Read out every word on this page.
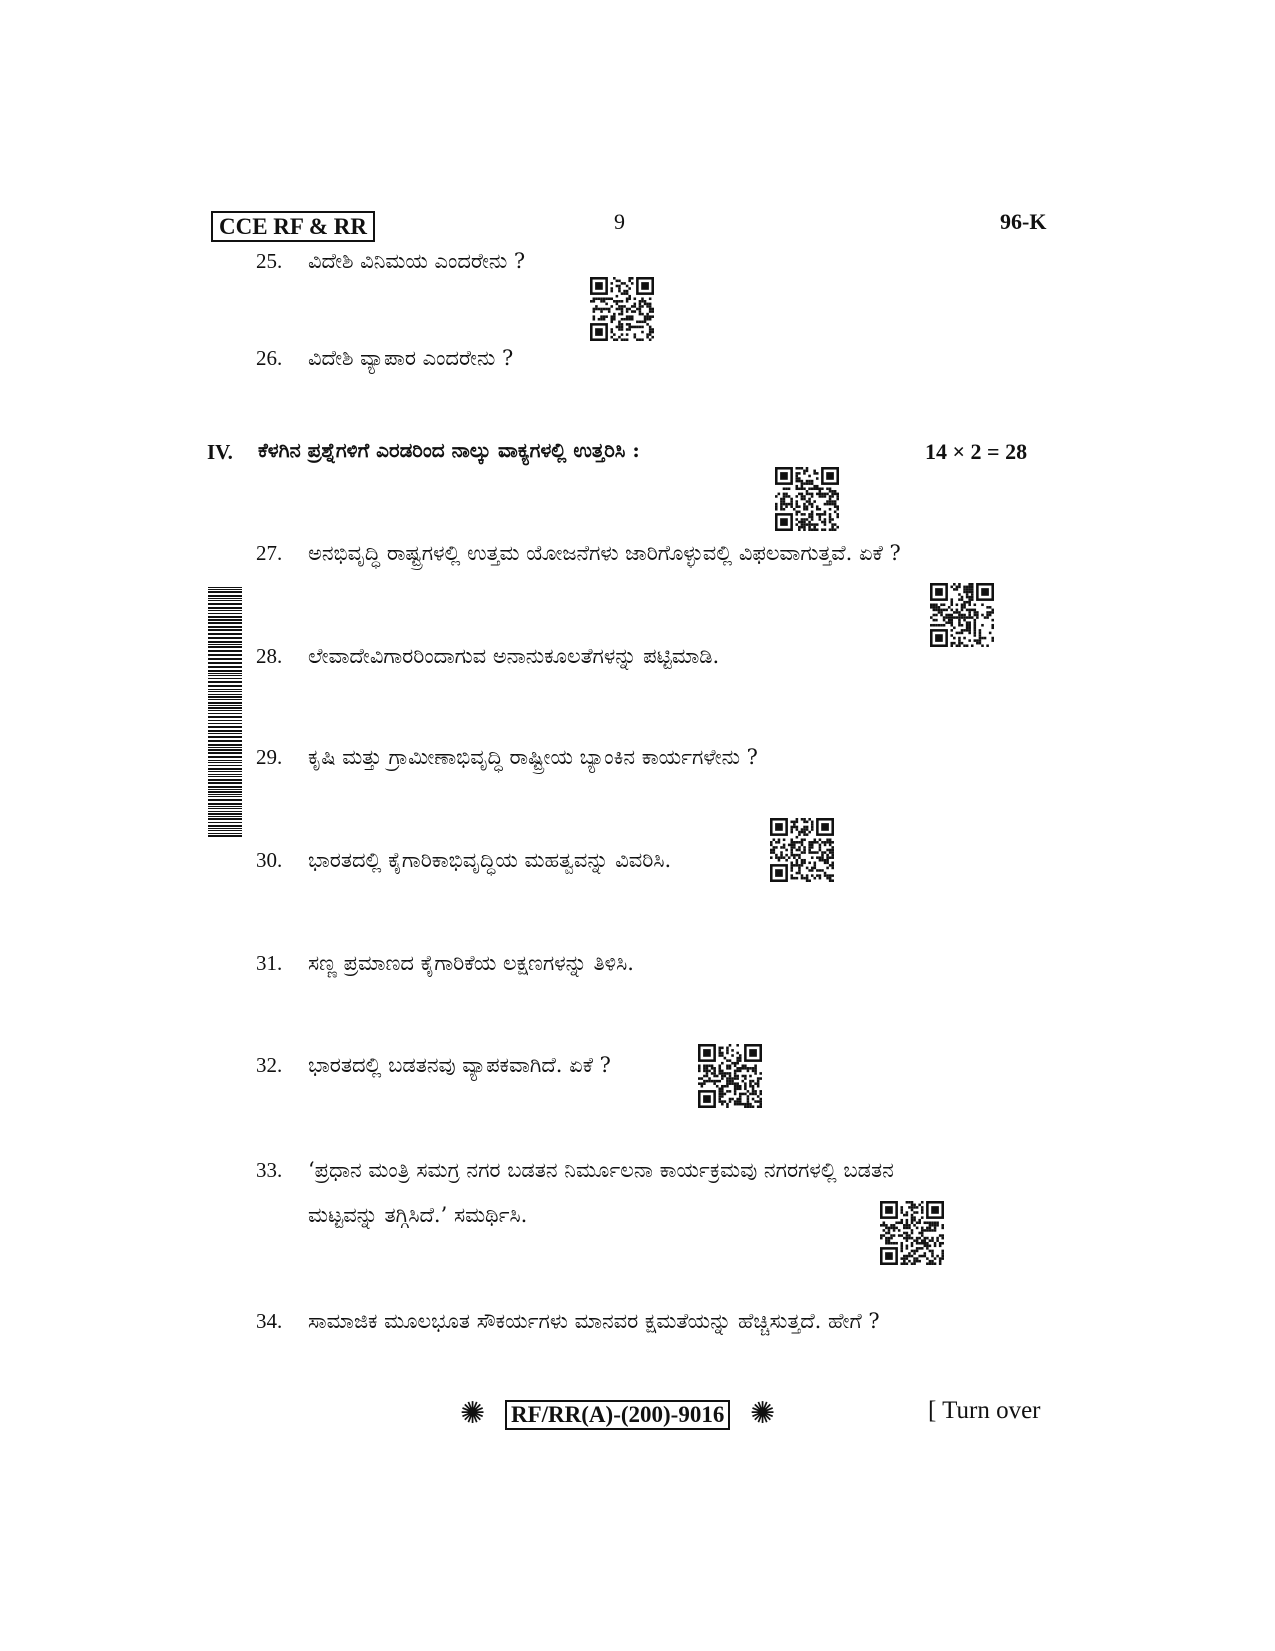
CCE RF & RR	9	96-K
25. ವಿದೇಶಿ ವಿನಿಮಯ ಎಂದರೇನು ?
26. ವಿದೇಶಿ ವ್ಯಾಪಾರ ಎಂದರೇನು ?
IV. ಕೆಳಗಿನ ಪ್ರಶ್ನೆಗಳಿಗೆ ಎರಡರಿಂದ ನಾಲ್ಕು ವಾಕ್ಯಗಳಲ್ಲಿ ಉತ್ತರಿಸಿ :	14 × 2 = 28
27. ಅನಭಿವೃದ್ಧಿ ರಾಷ್ಟ್ರಗಳಲ್ಲಿ ಉತ್ತಮ ಯೋಜನೆಗಳು ಜಾರಿಗೊಳ್ಳುವಲ್ಲಿ ವಿಫಲವಾಗುತ್ತವೆ. ಏಕೆ ?
28. ಲೇವಾದೇವಿಗಾರರಿಂದಾಗುವ ಅನಾನುಕೂಲತೆಗಳನ್ನು ಪಟ್ಟಿಮಾಡಿ.
29. ಕೃಷಿ ಮತ್ತು ಗ್ರಾಮೀಣಾಭಿವೃದ್ಧಿ ರಾಷ್ಟ್ರೀಯ ಬ್ಯಾಂಕಿನ ಕಾರ್ಯಗಳೇನು ?
30. ಭಾರತದಲ್ಲಿ ಕೈಗಾರಿಕಾಭಿವೃದ್ಧಿಯ ಮಹತ್ವವನ್ನು ವಿವರಿಸಿ.
31. ಸಣ್ಣ ಪ್ರಮಾಣದ ಕೈಗಾರಿಕೆಯ ಲಕ್ಷಣಗಳನ್ನು ತಿಳಿಸಿ.
32. ಭಾರತದಲ್ಲಿ ಬಡತನವು ವ್ಯಾಪಕವಾಗಿದೆ. ಏಕೆ ?
33. ‘ಪ್ರಧಾನ ಮಂತ್ರಿ ಸಮಗ್ರ ನಗರ ಬಡತನ ನಿರ್ಮೂಲನಾ ಕಾರ್ಯಕ್ರಮವು ನಗರಗಳಲ್ಲಿ ಬಡತನ
ಮಟ್ಟವನ್ನು ತಗ್ಗಿಸಿದೆ.’ ಸಮರ್ಥಿಸಿ.
34. ಸಾಮಾಜಿಕ ಮೂಲಭೂತ ಸೌಕರ್ಯಗಳು ಮಾನವರ ಕ್ಷಮತೆಯನ್ನು ಹೆಚ್ಚಿಸುತ್ತದೆ. ಹೇಗೆ ?
✺ RF/RR(A)-(200)-9016 ✺	[ Turn over
